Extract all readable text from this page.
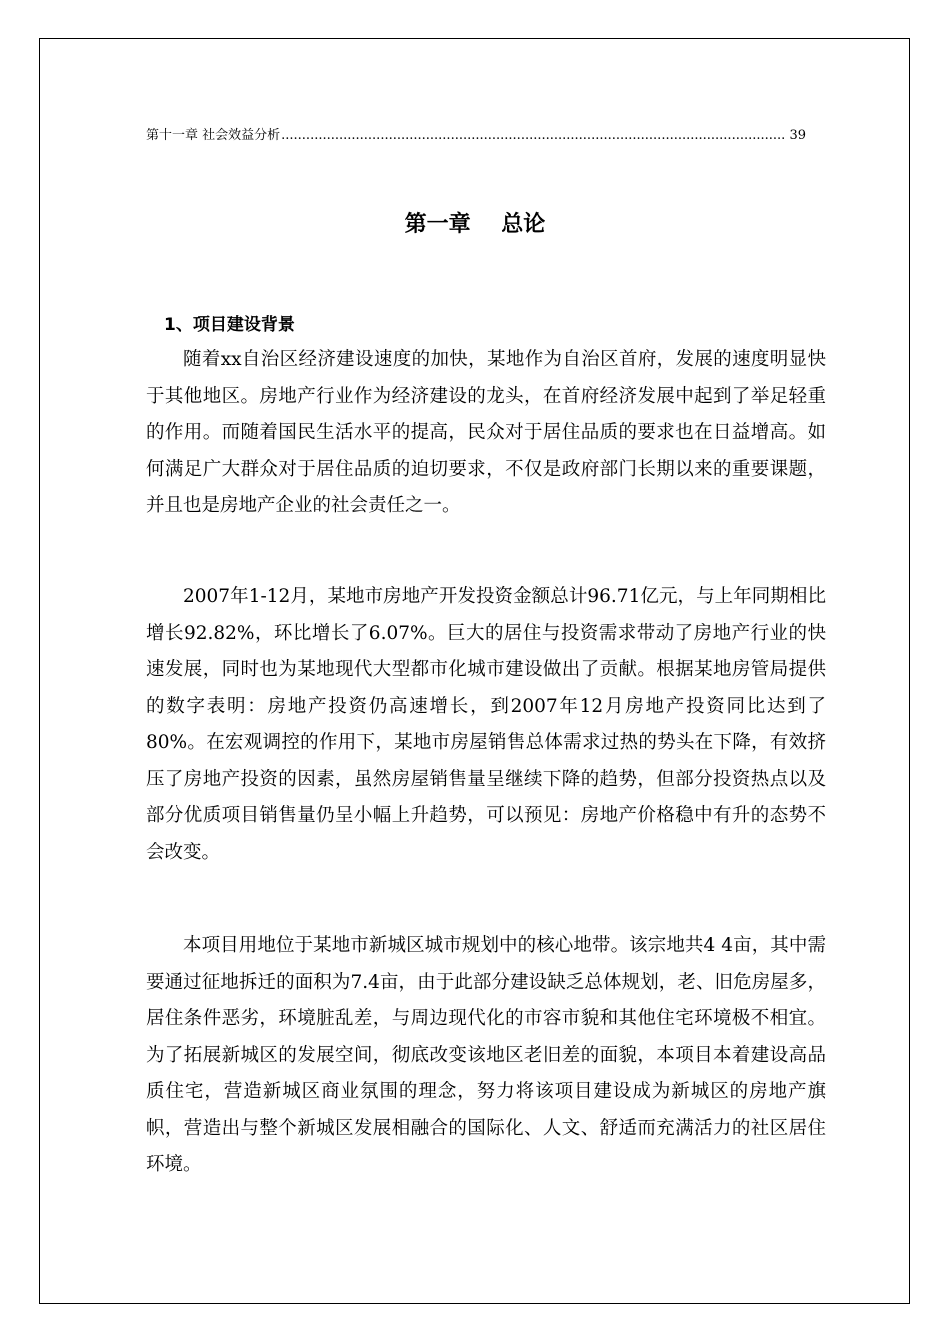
第十一章 社会效益分析 .......................................................................................................................... 39
第一章    总论
1、项目建设背景

随着xx自治区经济建设速度的加快，某地作为自治区首府，发展的速度明显快于其他地区。房地产行业作为经济建设的龙头，在首府经济发展中起到了举足轻重的作用。而随着国民生活水平的提高，民众对于居住品质的要求也在日益增高。如何满足广大群众对于居住品质的迫切要求，不仅是政府部门长期以来的重要课题，并且也是房地产企业的社会责任之一。

2007年1-12月，某地市房地产开发投资金额总计96.71亿元，与上年同期相比增长92.82%，环比增长了6.07%。巨大的居住与投资需求带动了房地产行业的快速发展，同时也为某地现代大型都市化城市建设做出了贡献。根据某地房管局提供的数字表明：房地产投资仍高速增长，到2007年12月房地产投资同比达到了80%。在宏观调控的作用下，某地市房屋销售总体需求过热的势头在下降，有效挤压了房地产投资的因素，虽然房屋销售量呈继续下降的趋势，但部分投资热点以及部分优质项目销售量仍呈小幅上升趋势，可以预见：房地产价格稳中有升的态势不会改变。

本项目用地位于某地市新城区城市规划中的核心地带。该宗地共4 4亩，其中需要通过征地拆迁的面积为7.4亩，由于此部分建设缺乏总体规划，老、旧危房屋多，居住条件恶劣，环境脏乱差，与周边现代化的市容市貌和其他住宅环境极不相宜。为了拓展新城区的发展空间，彻底改变该地区老旧差的面貌，本项目本着建设高品质住宅，营造新城区商业氛围的理念，努力将该项目建设成为新城区的房地产旗帜，营造出与整个新城区发展相融合的国际化、人文、舒适而充满活力的社区居住环境。
